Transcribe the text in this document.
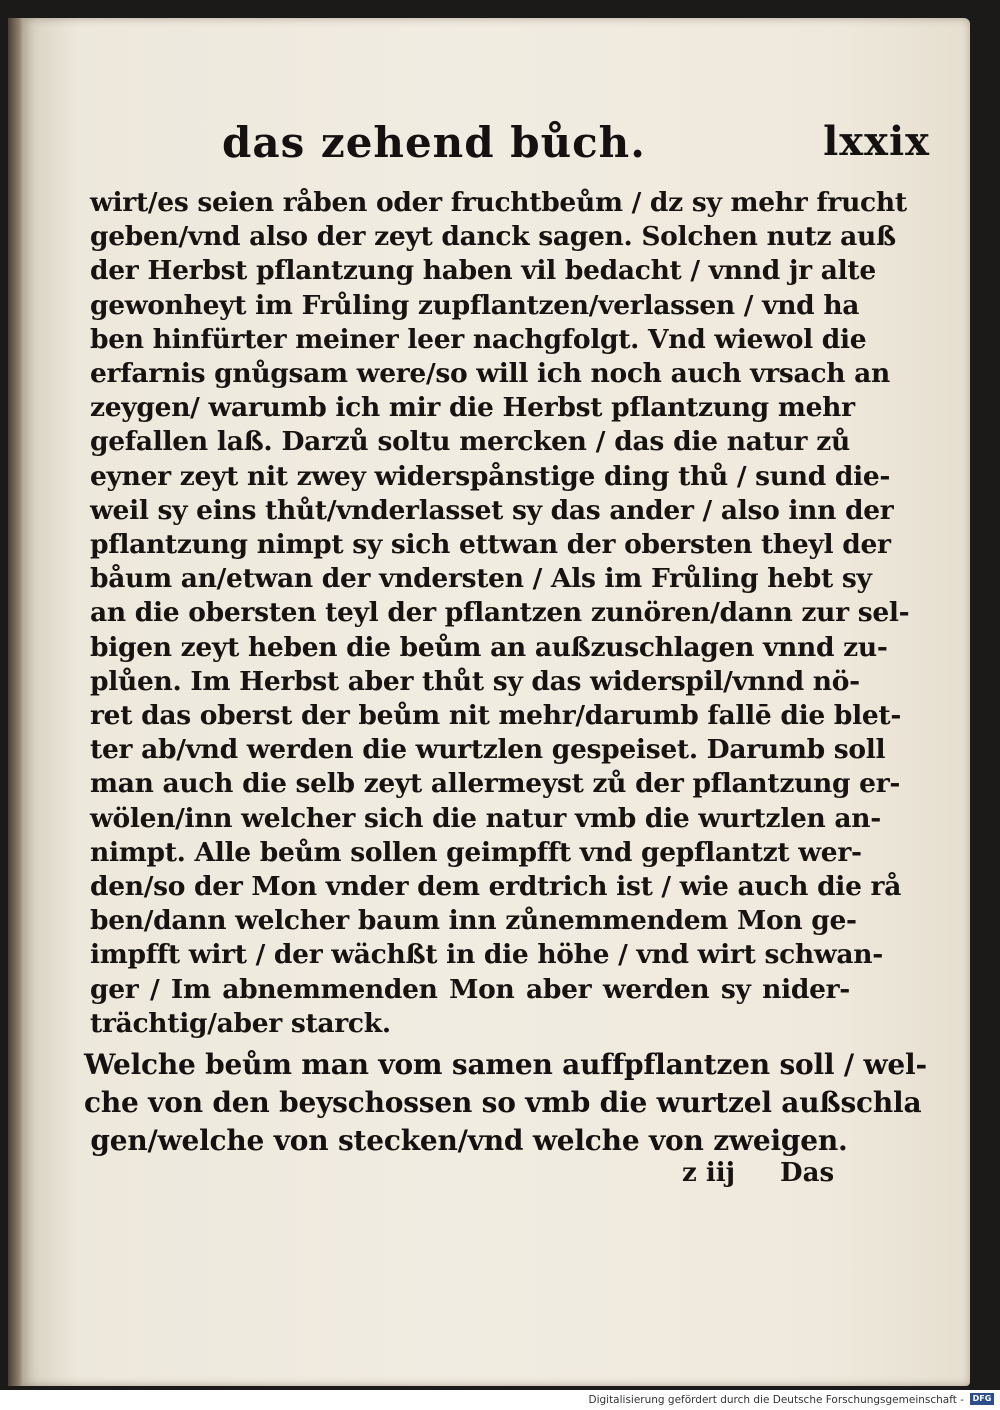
das zehend bůch.	lxxix
wirt/es seien råben oder fruchtbeům / dz sy mehr frucht
geben/vnd also der zeyt danck sagen. Solchen nutz auß
der Herbst pflantzung haben vil bedacht / vnnd jr alte
gewonheyt im Frůling zupflantzen/verlassen / vnd ha
ben hinfürter meiner leer nachgfolgt. Vnd wiewol die
erfarnis gnůgsam were/so will ich noch auch vrsach an
zeygen/ warumb ich mir die Herbst pflantzung mehr
gefallen laß. Darzů soltu mercken / das die natur zů
eyner zeyt nit zwey widerspånstige ding thů / sund die-
weil sy eins thůt/vnderlasset sy das ander / also inn der
pflantzung nimpt sy sich ettwan der obersten theyl der
båum an/etwan der vndersten / Als im Frůling hebt sy
an die obersten teyl der pflantzen zunören/dann zur sel-
bigen zeyt heben die beům an außzuschlagen vnnd zu-
plůen. Im Herbst aber thůt sy das widerspil/vnnd nö-
ret das oberst der beům nit mehr/darumb fallē die blet-
ter ab/vnd werden die wurtzlen gespeiset. Darumb soll
man auch die selb zeyt allermeyst zů der pflantzung er-
wölen/inn welcher sich die natur vmb die wurtzlen an-
nimpt. Alle beům sollen geimpfft vnd gepflantzt wer-
den/so der Mon vnder dem erdtrich ist / wie auch die rå
ben/dann welcher baum inn zůnemmendem Mon ge-
impfft wirt / der wächßt in die höhe / vnd wirt schwan-
ger / Im abnemmenden Mon aber werden sy nider-
trächtig/aber starck.
Welche beům man vom samen auffpflantzen soll / wel-
che von den beyschossen so vmb die wurtzel außschla
gen/welche von stecken/vnd welche von zweigen.
z iij Das
Digitalisierung gefördert durch die Deutsche Forschungsgemeinschaft -	DFG
